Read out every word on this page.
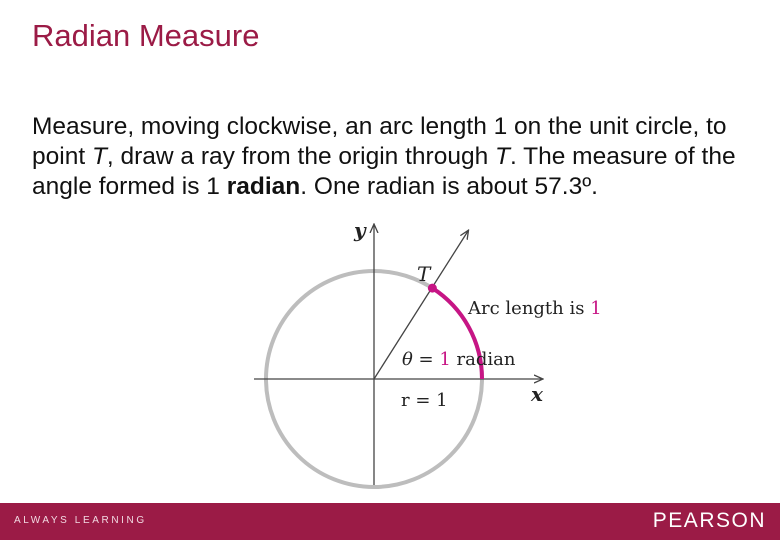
Radian Measure
Measure, moving clockwise, an arc length 1 on the unit circle, to point T, draw a ray from the origin through T. The measure of the angle formed is 1 radian. One radian is about 57.3º.
y
x
T
Arc length is 1
θ = 1 radian
r = 1
ALWAYS LEARNING	PEARSON
